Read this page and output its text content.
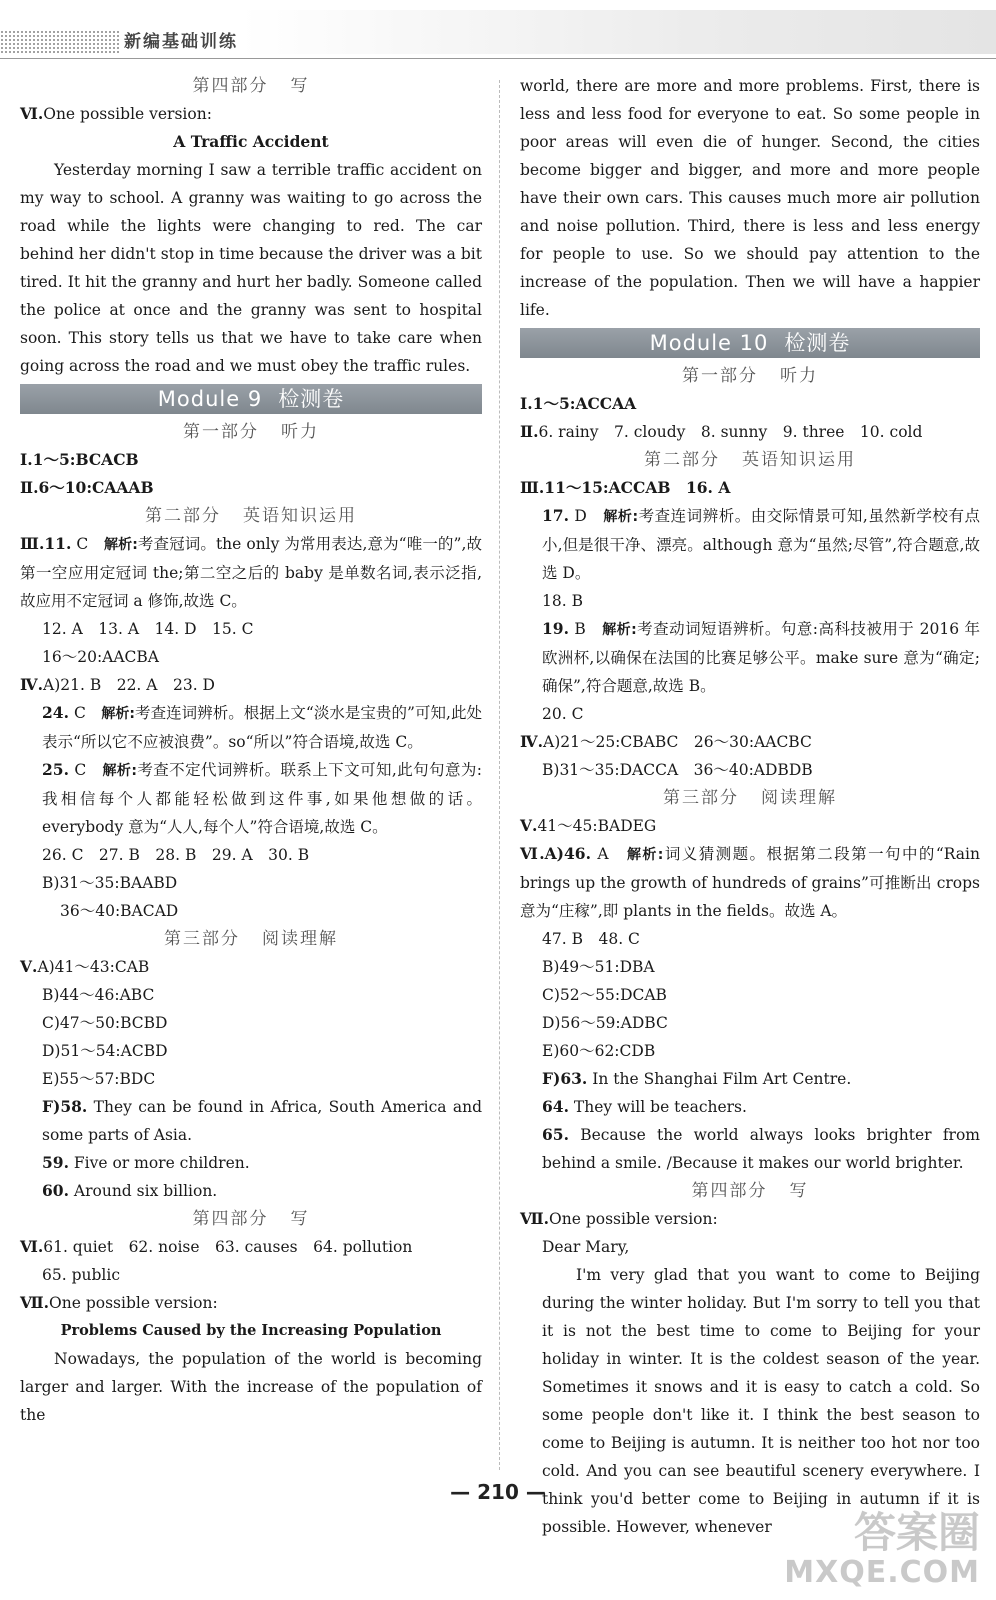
新编基础训练
第四部分 写
Ⅵ.One possible version:
A Traffic Accident

Yesterday morning I saw a terrible traffic accident on my way to school. A granny was waiting to go across the road while the lights were changing to red. The car behind her didn't stop in time because the driver was a bit tired. It hit the granny and hurt her badly. Someone called the police at once and the granny was sent to hospital soon. This story tells us that we have to take care when going across the road and we must obey the traffic rules.

Module 9 检测卷
第一部分 听力
Ⅰ.1～5:BCACB
Ⅱ.6～10:CAAAB
第二部分 英语知识运用

Ⅲ.11. C　 解析:考查冠词。the only 为常用表达,意为“唯一的”,故第一空应用定冠词 the;第二空之后的 baby 是单数名词,表示泛指,故应用不定冠词 a 修饰,故选 C。

12. A　13. A　14. D　15. C
16～20:AACBA
Ⅳ.A)21. B　22. A　23. D

24. C　 解析:考查连词辨析。根据上文“淡水是宝贵的”可知,此处表示“所以它不应被浪费”。so“所以”符合语境,故选 C。

25. C　 解析:考查不定代词辨析。联系上下文可知,此句句意为:我相信每个人都能轻松做到这件事,如果他想做的话。everybody 意为“人人,每个人”符合语境,故选 C。

26. C　27. B　28. B　29. A　30. B
B)31～35:BAABD
36～40:BACAD
第三部分 阅读理解
Ⅴ.A)41～43:CAB
B)44～46:ABC
C)47～50:BCBD
D)51～54:ACBD
E)55～57:BDC

F)58. They can be found in Africa, South America and some parts of Asia.

59. Five or more children.
60. Around six billion.
第四部分 写
Ⅵ.61. quiet　62. noise　63. causes　64. pollution
65. public
Ⅶ.One possible version:
Problems Caused by the Increasing Population

Nowadays, the population of the world is becoming larger and larger. With the increase of the population of the

world, there are more and more problems. First, there is less and less food for everyone to eat. So some people in poor areas will even die of hunger. Second, the cities become bigger and bigger, and more and more people have their own cars. This causes much more air pollution and noise pollution. Third, there is less and less energy for people to use. So we should pay attention to the increase of the population. Then we will have a happier life.

Module 10 检测卷
第一部分 听力
Ⅰ.1～5:ACCAA
Ⅱ.6. rainy　7. cloudy　8. sunny　9. three　10. cold
第二部分 英语知识运用
Ⅲ.11～15:ACCAB　16. A

17. D　 解析:考查连词辨析。由交际情景可知,虽然新学校有点小,但是很干净、漂亮。although 意为“虽然;尽管”,符合题意,故选 D。

18. B

19. B　 解析:考查动词短语辨析。句意:高科技被用于 2016 年欧洲杯,以确保在法国的比赛足够公平。make sure 意为“确定;确保”,符合题意,故选 B。

20. C
Ⅳ.A)21～25:CBABC　26～30:AACBC
B)31～35:DACCA　36～40:ADBDB
第三部分 阅读理解
Ⅴ.41～45:BADEG

Ⅵ.A)46. A　 解析:词义猜测题。根据第二段第一句中的“Rain brings up the growth of hundreds of grains”可推断出 crops 意为“庄稼”,即 plants in the fields。故选 A。

47. B　48. C
B)49～51:DBA
C)52～55:DCAB
D)56～59:ADBC
E)60～62:CDB
F)63. In the Shanghai Film Art Centre.
64. They will be teachers.

65. Because the world always looks brighter from behind a smile. /Because it makes our world brighter.

第四部分 写
Ⅶ.One possible version:
Dear Mary,

I'm very glad that you want to come to Beijing during the winter holiday. But I'm sorry to tell you that it is not the best time to come to Beijing for your holiday in winter. It is the coldest season of the year. Sometimes it snows and it is easy to catch a cold. So some people don't like it. I think the best season to come to Beijing is autumn. It is neither too hot nor too cold. And you can see beautiful scenery everywhere. I think you'd better come to Beijing in autumn if it is possible. However, whenever

— 210 —
答案圈
MXQE.COM
